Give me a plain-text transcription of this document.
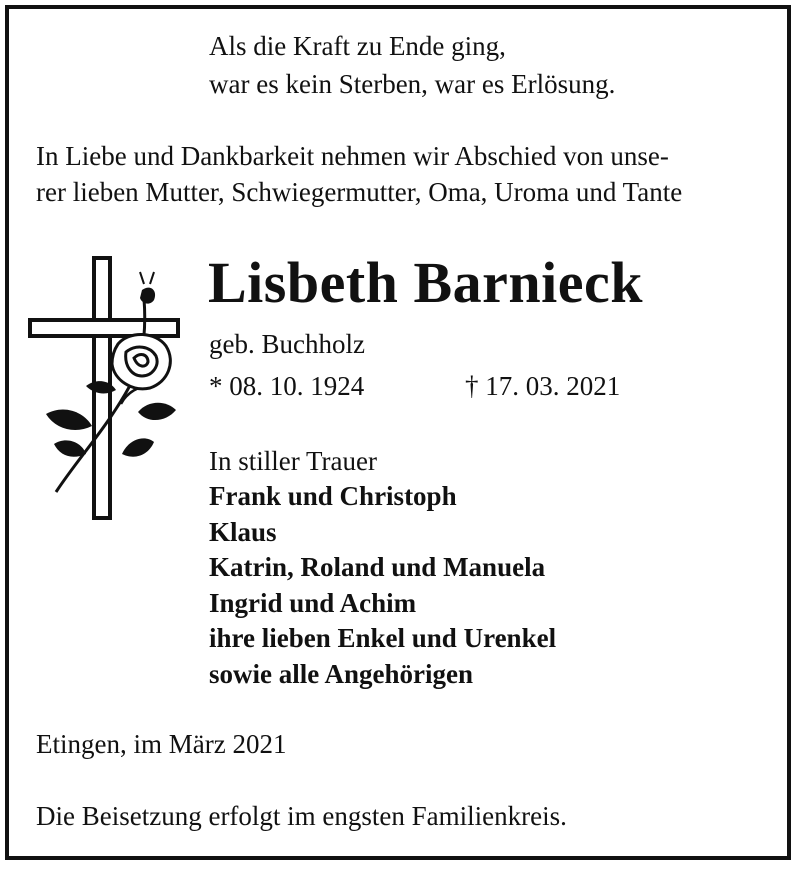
Als die Kraft zu Ende ging,
war es kein Sterben, war es Erlösung.
In Liebe und Dankbarkeit nehmen wir Abschied von unse-
rer lieben Mutter, Schwiegermutter, Oma, Uroma und Tante
Lisbeth Barnieck
geb. Buchholz
* 08. 10. 1924	† 17. 03. 2021
In stiller Trauer
Frank und Christoph
Klaus
Katrin, Roland und Manuela
Ingrid und Achim
ihre lieben Enkel und Urenkel
sowie alle Angehörigen
Etingen, im März 2021
Die Beisetzung erfolgt im engsten Familienkreis.
